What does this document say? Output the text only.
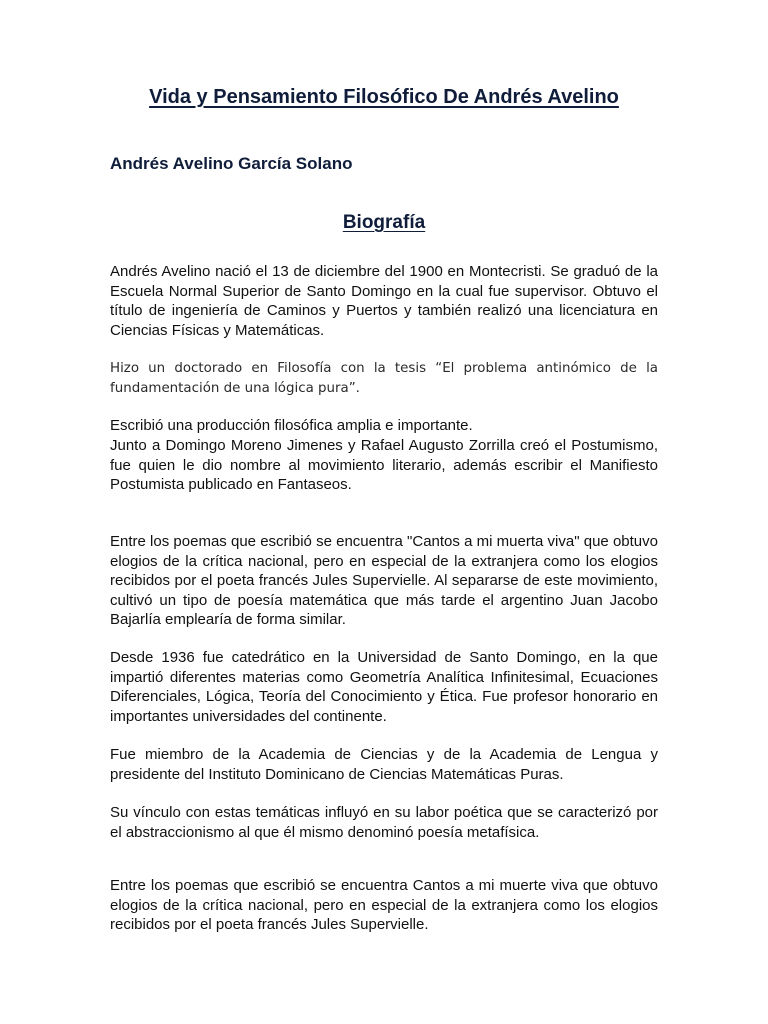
Vida y Pensamiento Filosófico De Andrés Avelino
Andrés Avelino García Solano
Biografía

Andrés Avelino nació el 13 de diciembre del 1900 en Montecristi. Se graduó de la Escuela Normal Superior de Santo Domingo en la cual fue supervisor. Obtuvo el título de ingeniería de Caminos y Puertos y también realizó una licenciatura en Ciencias Físicas y Matemáticas.

Hizo un doctorado en Filosofía con la tesis “El problema antinómico de la fundamentación de una lógica pura”.

Escribió una producción filosófica amplia e importante.

Junto a Domingo Moreno Jimenes y Rafael Augusto Zorrilla creó el Postumismo, fue quien le dio nombre al movimiento literario, además escribir el Manifiesto Postumista publicado en Fantaseos.

Entre los poemas que escribió se encuentra "Cantos a mi muerta viva" que obtuvo elogios de la crítica nacional, pero en especial de la extranjera como los elogios recibidos por el poeta francés Jules Supervielle. Al separarse de este movimiento, cultivó un tipo de poesía matemática que más tarde el argentino Juan Jacobo Bajarlía emplearía de forma similar.

Desde 1936 fue catedrático en la Universidad de Santo Domingo, en la que impartió diferentes materias como Geometría Analítica Infinitesimal, Ecuaciones Diferenciales, Lógica, Teoría del Conocimiento y Ética. Fue profesor honorario en importantes universidades del continente.

Fue miembro de la Academia de Ciencias y de la Academia de Lengua y presidente del Instituto Dominicano de Ciencias Matemáticas Puras.

Su vínculo con estas temáticas influyó en su labor poética que se caracterizó por el abstraccionismo al que él mismo denominó poesía metafísica.

Entre los poemas que escribió se encuentra Cantos a mi muerte viva que obtuvo elogios de la crítica nacional, pero en especial de la extranjera como los elogios recibidos por el poeta francés Jules Supervielle.
